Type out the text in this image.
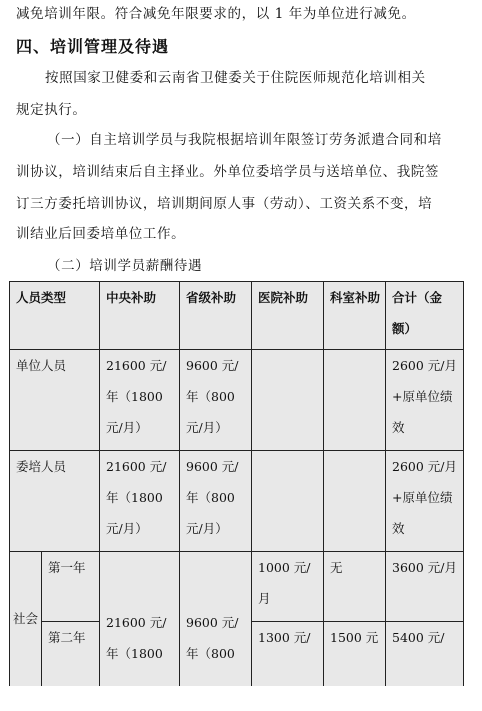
减免培训年限。符合减免年限要求的，以 1 年为单位进行减免。
四、培训管理及待遇
按照国家卫健委和云南省卫健委关于住院医师规范化培训相关
规定执行。
（一）自主培训学员与我院根据培训年限签订劳务派遣合同和培
训协议，培训结束后自主择业。外单位委培学员与送培单位、我院签
订三方委托培训协议，培训期间原人事（劳动）、工资关系不变，培
训结业后回委培单位工作。
（二）培训学员薪酬待遇
人员类型		中央补助	省级补助	医院补助	科室补助	合计（金额）
单位人员		21600 元/年（1800 元/月）	9600 元/年（800 元/月）			2600 元/月+原单位绩效
委培人员		21600 元/年（1800 元/月）	9600 元/年（800 元/月）			2600 元/月+原单位绩效
社会	第一年	21600 元/年（1800	9600 元/年（800	1000 元/月	无	3600 元/月
	第二年			1300 元/	1500 元	5400 元/
